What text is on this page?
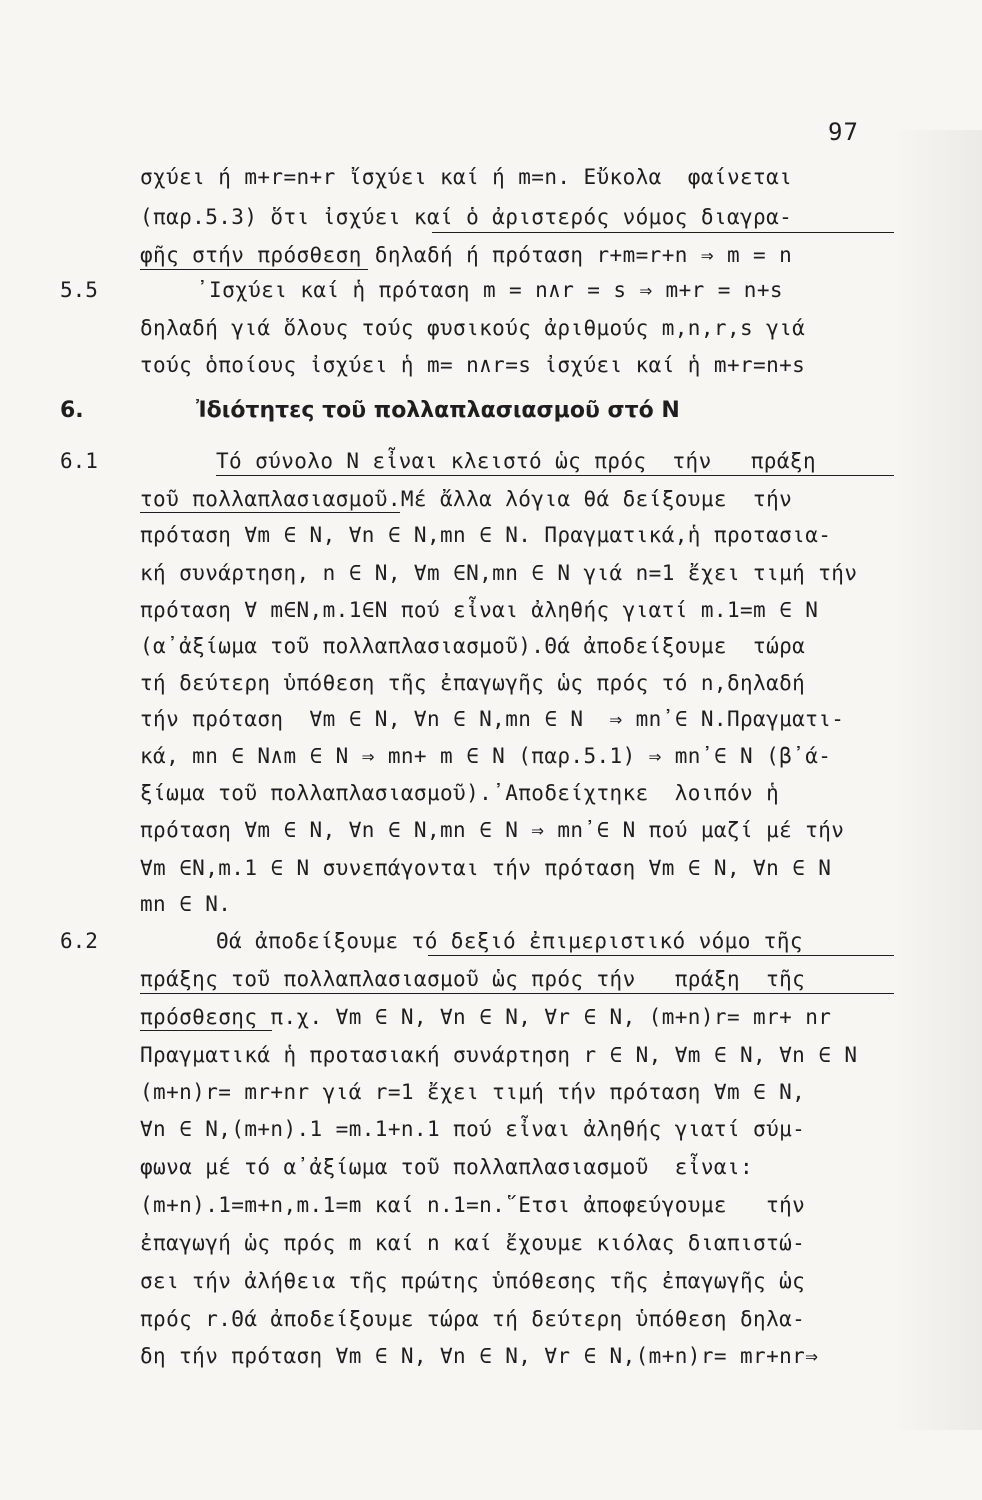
97
σχύει ή m+r=n+r ἴσχύει καί ή m=n. Εὔκολα  φαίνεται
(παρ.5.3) ὅτι ἰσχύει καί ὁ ἀριστερός νόμος διαγρα-
φῆς στήν πρόσθεση δηλαδή ή πρόταση r+m=r+n ⇒ m = n
5.5	᾽Ισχύει καί ἡ πρόταση m = n∧r = s ⇒ m+r = n+s
δηλαδή γιά ὅλους τούς φυσικούς ἀριθμούς m,n,r,s γιά
τούς ὁποίους ἰσχύει ἡ m= n∧r=s ἰσχύει καί ἡ m+r=n+s
6.	Ἰδιότητες τοῦ πολλαπλασιασμοῦ στό N
6.1	Τό σύνολο N εἶναι κλειστό ὡς πρός  τήν   πράξη
τοῦ πολλαπλασιασμοῦ.Μέ ἄλλα λόγια θά δείξουμε  τήν
πρόταση ∀m ∈ N, ∀n ∈ N,mn ∈ N. Πραγματικά,ἡ προτασια-
κή συνάρτηση, n ∈ N, ∀m ∈N,mn ∈ N γιά n=1 ἔχει τιμή τήν
πρόταση ∀ m∈N,m.1∈N πού εἶναι ἀληθής γιατί m.1=m ∈ N
(α᾽ἀξίωμα τοῦ πολλαπλασιασμοῦ).Θά ἀποδείξουμε  τώρα
τή δεύτερη ὑπόθεση τῆς ἐπαγωγῆς ὡς πρός τό n,δηλαδή
τήν πρόταση  ∀m ∈ N, ∀n ∈ N,mn ∈ N  ⇒ mn᾽∈ N.Πραγματι-
κά, mn ∈ N∧m ∈ N ⇒ mn+ m ∈ N (παρ.5.1) ⇒ mn᾽∈ N (β᾽ά-
ξίωμα τοῦ πολλαπλασιασμοῦ).᾽Αποδείχτηκε  λοιπόν ἡ
πρόταση ∀m ∈ N, ∀n ∈ N,mn ∈ N ⇒ mn᾽∈ N πού μαζί μέ τήν
∀m ∈N,m.1 ∈ N συνεπάγονται τήν πρόταση ∀m ∈ N, ∀n ∈ N
mn ∈ N.
6.2	Θά ἀποδείξουμε τό δεξιό ἐπιμεριστικό νόμο τῆς
πράξης τοῦ πολλαπλασιασμοῦ ὡς πρός τήν   πράξη  τῆς
πρόσθεσης π.χ. ∀m ∈ N, ∀n ∈ N, ∀r ∈ N, (m+n)r= mr+ nr
Πραγματικά ἡ προτασιακή συνάρτηση r ∈ N, ∀m ∈ N, ∀n ∈ N
(m+n)r= mr+nr γιά r=1 ἔχει τιμή τήν πρόταση ∀m ∈ N,
∀n ∈ N,(m+n).1 =m.1+n.1 πού εἶναι ἀληθής γιατί σύμ-
φωνα μέ τό α᾽ἀξίωμα τοῦ πολλαπλασιασμοῦ  εἶναι:
(m+n).1=m+n,m.1=m καί n.1=n.῞Ετσι ἀποφεύγουμε   τήν
ἐπαγωγή ὡς πρός m καί n καί ἔχουμε κιόλας διαπιστώ-
σει τήν ἀλήθεια τῆς πρώτης ὑπόθεσης τῆς ἐπαγωγῆς ὡς
πρός r.Θά ἀποδείξουμε τώρα τή δεύτερη ὑπόθεση δηλα-
δη τήν πρόταση ∀m ∈ N, ∀n ∈ N, ∀r ∈ N,(m+n)r= mr+nr⇒
